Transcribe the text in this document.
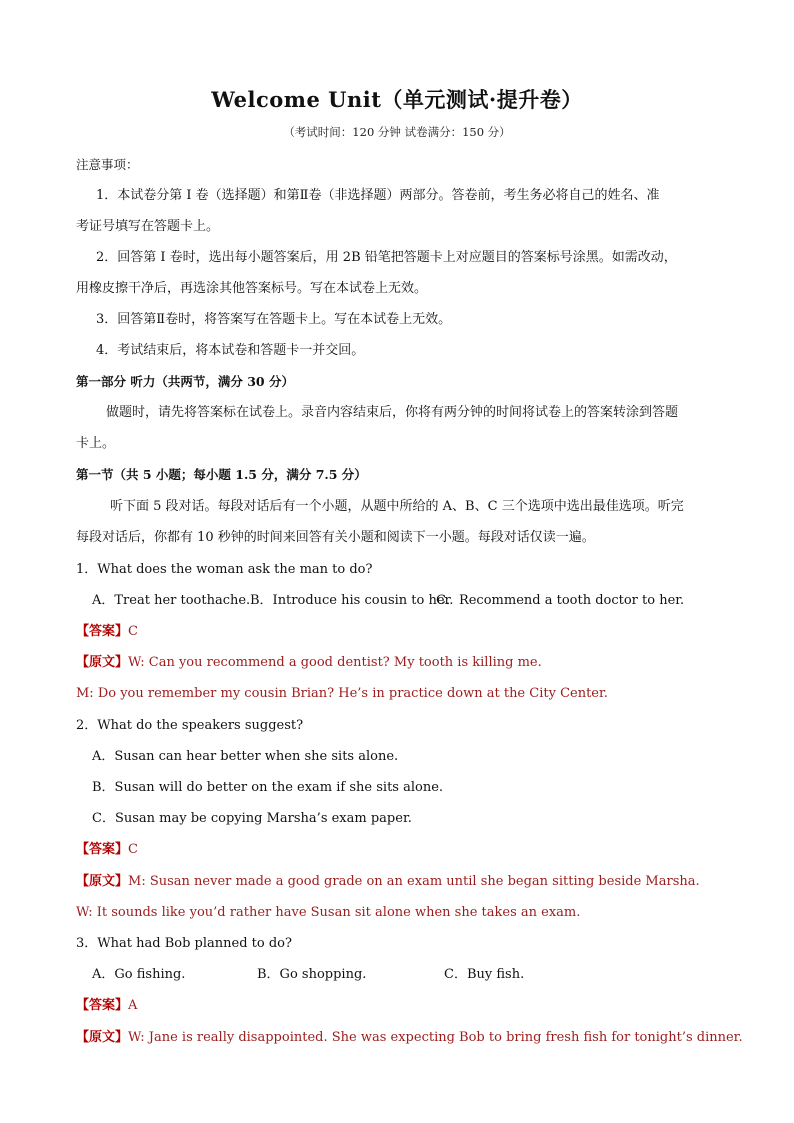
Welcome Unit（单元测试·提升卷）
（考试时间：120 分钟 试卷满分：150 分）
注意事项：
1．本试卷分第 I 卷（选择题）和第Ⅱ卷（非选择题）两部分。答卷前，考生务必将自己的姓名、准
考证号填写在答题卡上。
2．回答第 I 卷时，选出每小题答案后，用 2B 铅笔把答题卡上对应题目的答案标号涂黑。如需改动，
用橡皮擦干净后，再选涂其他答案标号。写在本试卷上无效。
3．回答第Ⅱ卷时，将答案写在答题卡上。写在本试卷上无效。
4．考试结束后，将本试卷和答题卡一并交回。
第一部分 听力（共两节，满分 30 分）
做题时，请先将答案标在试卷上。录音内容结束后，你将有两分钟的时间将试卷上的答案转涂到答题
卡上。
第一节（共 5 小题；每小题 1.5 分，满分 7.5 分）
听下面 5 段对话。每段对话后有一个小题，从题中所给的 A、B、C 三个选项中选出最佳选项。听完
每段对话后，你都有 10 秒钟的时间来回答有关小题和阅读下一小题。每段对话仅读一遍。
1．What does the woman ask the man to do?
A．Treat her toothache.B．Introduce his cousin to her.C．Recommend a tooth doctor to her.
【答案】C
【原文】W: Can you recommend a good dentist? My tooth is killing me.
M: Do you remember my cousin Brian? He’s in practice down at the City Center.
2．What do the speakers suggest?
A．Susan can hear better when she sits alone.
B．Susan will do better on the exam if she sits alone.
C．Susan may be copying Marsha’s exam paper.
【答案】C
【原文】M: Susan never made a good grade on an exam until she began sitting beside Marsha.
W: It sounds like you’d rather have Susan sit alone when she takes an exam.
3．What had Bob planned to do?
A．Go fishing.	B．Go shopping.	C．Buy fish.
【答案】A
【原文】W: Jane is really disappointed. She was expecting Bob to bring fresh fish for tonight’s dinner.
